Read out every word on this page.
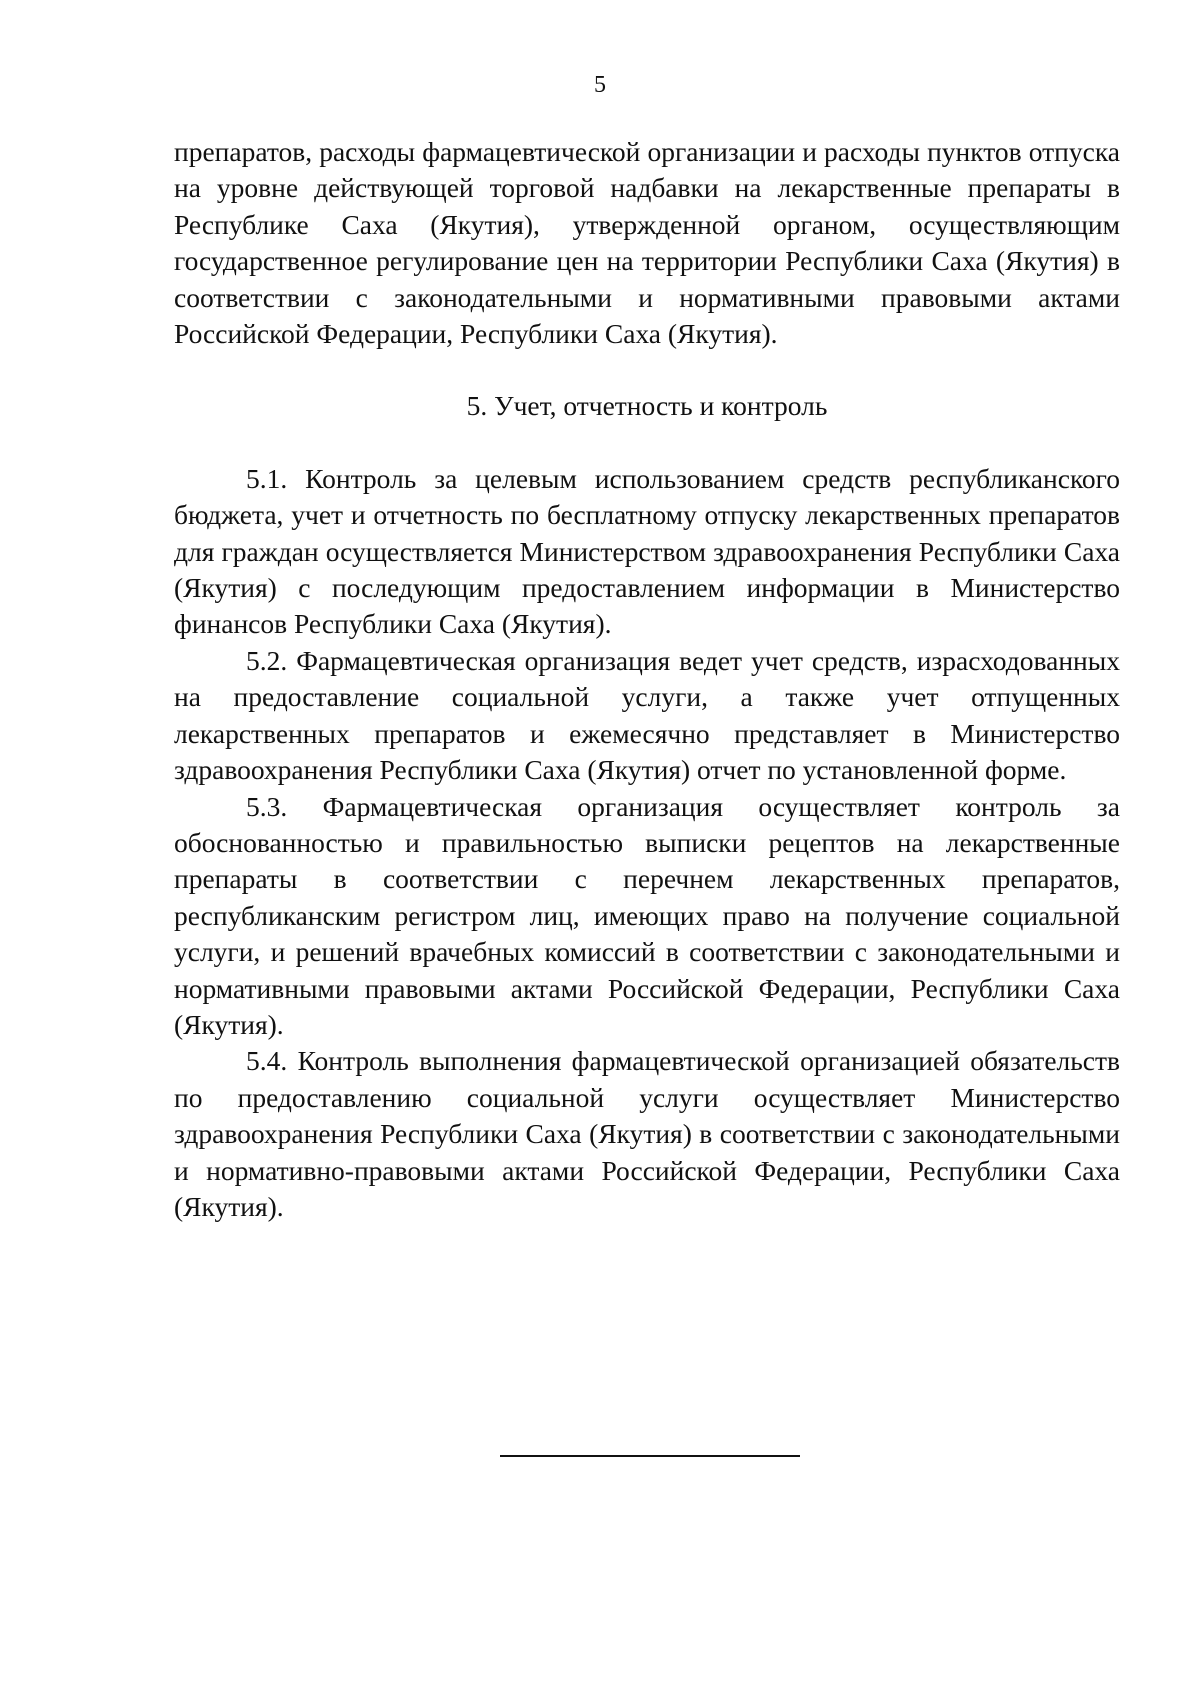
5

препаратов, расходы фармацевтической организации и расходы пунктов отпуска на уровне действующей торговой надбавки на лекарственные препараты в Республике Саха (Якутия), утвержденной органом, осуществляющим государственное регулирование цен на территории Республики Саха (Якутия) в соответствии с законодательными и нормативными правовыми актами Российской Федерации, Республики Саха (Якутия).

5. Учет, отчетность и контроль

5.1. Контроль за целевым использованием средств республиканского бюджета, учет и отчетность по бесплатному отпуску лекарственных препаратов для граждан осуществляется Министерством здравоохранения Республики Саха (Якутия) с последующим предоставлением информации в Министерство финансов Республики Саха (Якутия).

5.2. Фармацевтическая организация ведет учет средств, израсходованных на предоставление социальной услуги, а также учет отпущенных лекарственных препаратов и ежемесячно представляет в Министерство здравоохранения Республики Саха (Якутия) отчет по установленной форме.

5.3. Фармацевтическая организация осуществляет контроль за обоснованностью и правильностью выписки рецептов на лекарственные препараты в соответствии с перечнем лекарственных препаратов, республиканским регистром лиц, имеющих право на получение социальной услуги, и решений врачебных комиссий в соответствии с законодательными и нормативными правовыми актами Российской Федерации, Республики Саха (Якутия).

5.4. Контроль выполнения фармацевтической организацией обязательств по предоставлению социальной услуги осуществляет Министерство здравоохранения Республики Саха (Якутия) в соответствии с законодательными и нормативно-правовыми актами Российской Федерации, Республики Саха (Якутия).
